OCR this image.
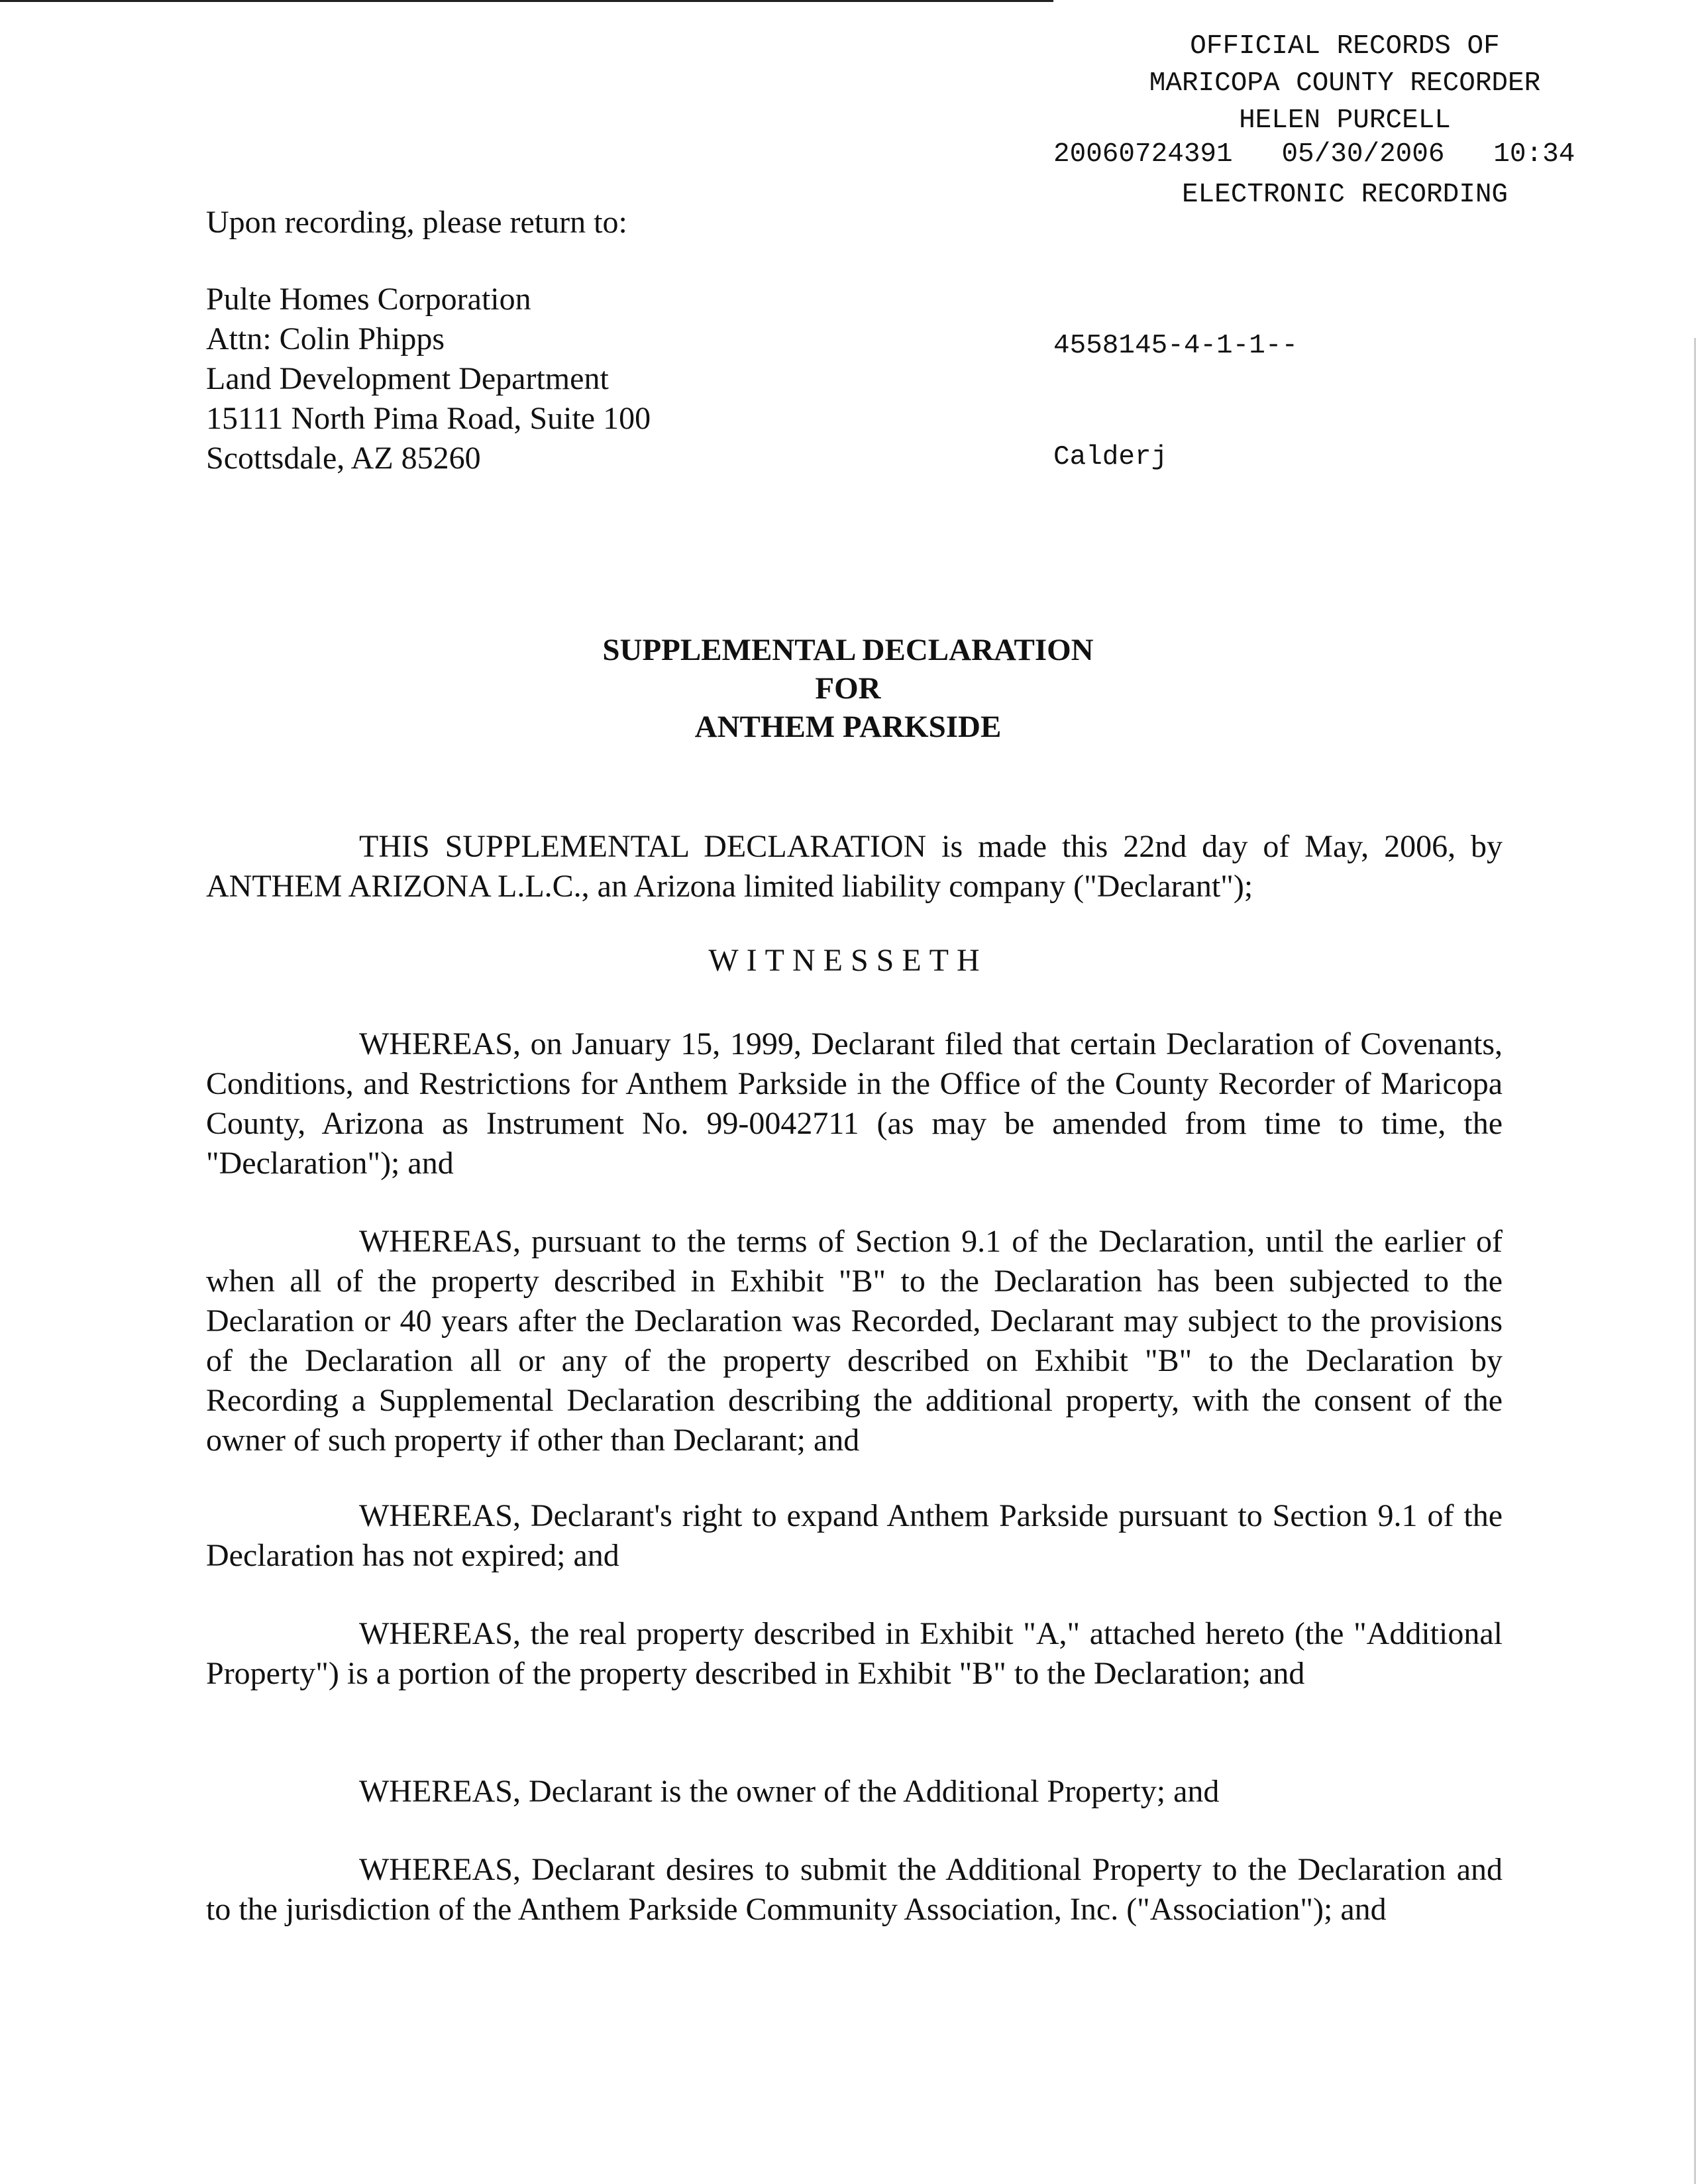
OFFICIAL RECORDS OF
MARICOPA COUNTY RECORDER
HELEN PURCELL
20060724391   05/30/2006   10:34
ELECTRONIC RECORDING

4558145-4-1-1--

Calderj

Upon recording, please return to:
Pulte Homes Corporation
Attn: Colin Phipps
Land Development Department
15111 North Pima Road, Suite 100
Scottsdale, AZ 85260
SUPPLEMENTAL DECLARATION
FOR
ANTHEM PARKSIDE
THIS SUPPLEMENTAL DECLARATION is made this 22nd day of May, 2006, by ANTHEM ARIZONA L.L.C., an Arizona limited liability company ("Declarant");
WITNESSETH
WHEREAS, on January 15, 1999, Declarant filed that certain Declaration of Covenants, Conditions, and Restrictions for Anthem Parkside in the Office of the County Recorder of Maricopa County, Arizona as Instrument No. 99-0042711 (as may be amended from time to time, the "Declaration"); and
WHEREAS, pursuant to the terms of Section 9.1 of the Declaration, until the earlier of when all of the property described in Exhibit "B" to the Declaration has been subjected to the Declaration or 40 years after the Declaration was Recorded, Declarant may subject to the provisions of the Declaration all or any of the property described on Exhibit "B" to the Declaration by Recording a Supplemental Declaration describing the additional property, with the consent of the owner of such property if other than Declarant; and
WHEREAS, Declarant's right to expand Anthem Parkside pursuant to Section 9.1 of the Declaration has not expired; and
WHEREAS, the real property described in Exhibit "A," attached hereto (the "Additional Property") is a portion of the property described in Exhibit "B" to the Declaration; and
WHEREAS, Declarant is the owner of the Additional Property; and
WHEREAS, Declarant desires to submit the Additional Property to the Declaration and to the jurisdiction of the Anthem Parkside Community Association, Inc. ("Association"); and
